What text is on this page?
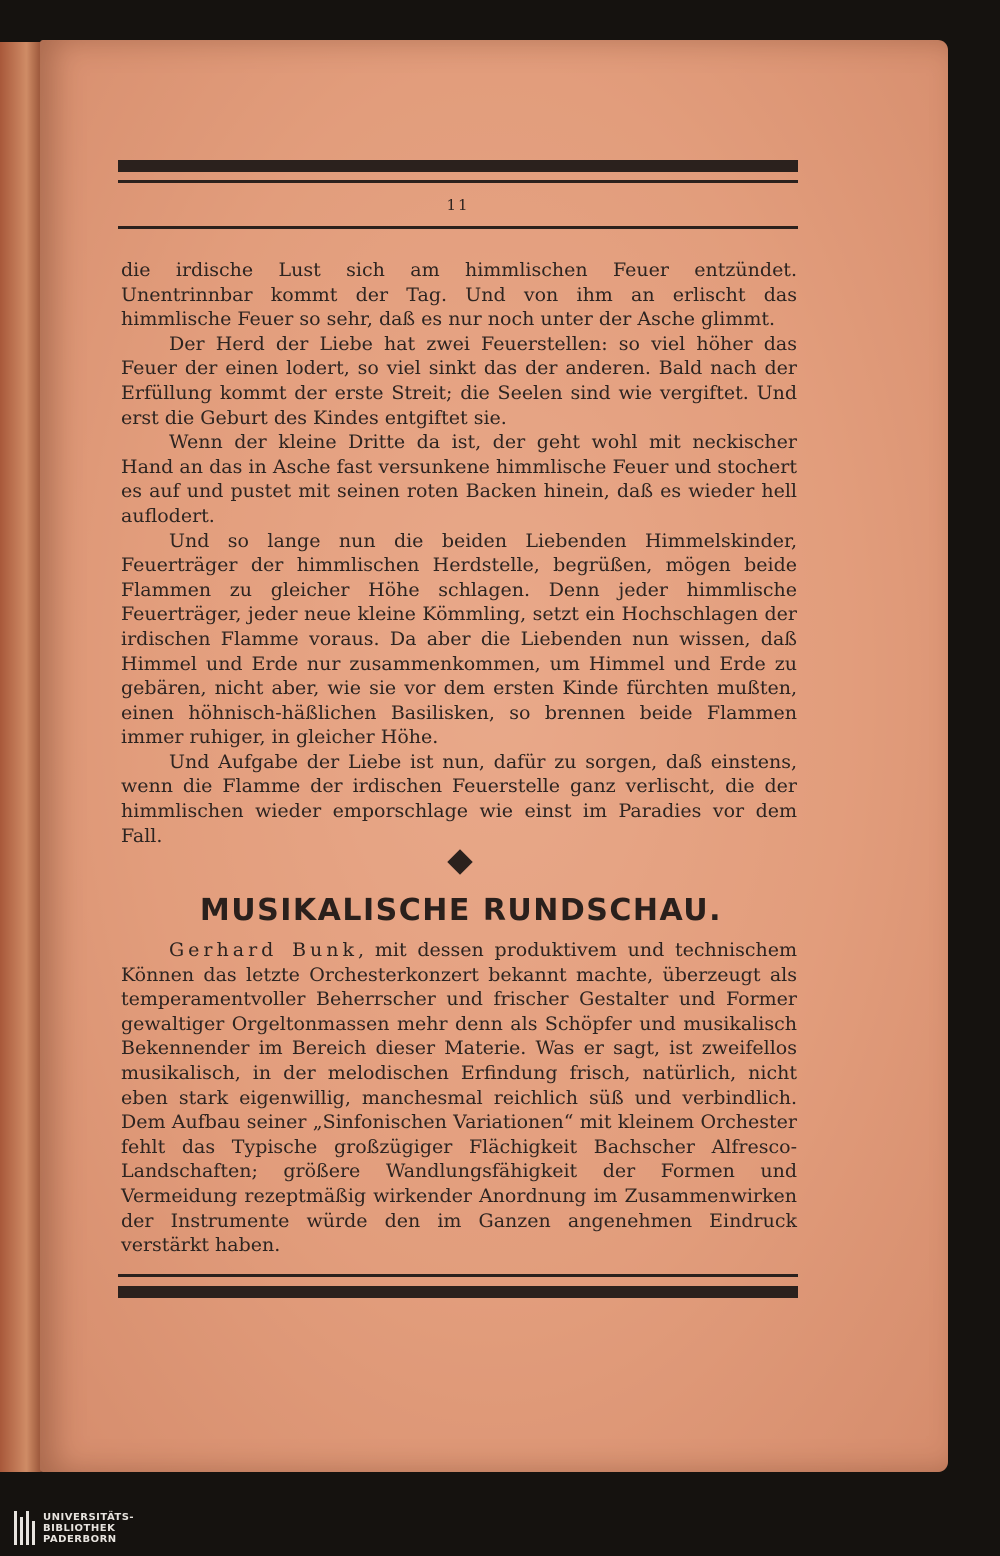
11

die irdische Lust sich am himmlischen Feuer entzündet. Unentrinnbar kommt der Tag. Und von ihm an erlischt das himmlische Feuer so sehr, daß es nur noch unter der Asche glimmt.

Der Herd der Liebe hat zwei Feuerstellen: so viel höher das Feuer der einen lodert, so viel sinkt das der anderen. Bald nach der Erfüllung kommt der erste Streit; die Seelen sind wie vergiftet. Und erst die Geburt des Kindes entgiftet sie.

Wenn der kleine Dritte da ist, der geht wohl mit neckischer Hand an das in Asche fast versunkene himmlische Feuer und stochert es auf und pustet mit seinen roten Backen hinein, daß es wieder hell auflodert.

Und so lange nun die beiden Liebenden Himmelskinder, Feuerträger der himmlischen Herdstelle, begrüßen, mögen beide Flammen zu gleicher Höhe schlagen. Denn jeder himmlische Feuerträger, jeder neue kleine Kömmling, setzt ein Hochschlagen der irdischen Flamme voraus. Da aber die Liebenden nun wissen, daß Himmel und Erde nur zusammenkommen, um Himmel und Erde zu gebären, nicht aber, wie sie vor dem ersten Kinde fürchten mußten, einen höhnisch-häßlichen Basilisken, so brennen beide Flammen immer ruhiger, in gleicher Höhe.

Und Aufgabe der Liebe ist nun, dafür zu sorgen, daß einstens, wenn die Flamme der irdischen Feuerstelle ganz verlischt, die der himmlischen wieder emporschlage wie einst im Paradies vor dem Fall.

MUSIKALISCHE RUNDSCHAU.

Gerhard Bunk, mit dessen produktivem und technischem Können das letzte Orchesterkonzert bekannt machte, überzeugt als temperamentvoller Beherrscher und frischer Gestalter und Former gewaltiger Orgeltonmassen mehr denn als Schöpfer und musikalisch Bekennender im Bereich dieser Materie. Was er sagt, ist zweifellos musikalisch, in der melodischen Erfindung frisch, natürlich, nicht eben stark eigenwillig, manchesmal reichlich süß und verbindlich. Dem Aufbau seiner „Sinfonischen Variationen“ mit kleinem Orchester fehlt das Typische großzügiger Flächigkeit Bachscher Alfresco-Landschaften; größere Wandlungsfähigkeit der Formen und Vermeidung rezeptmäßig wirkender Anordnung im Zusammenwirken der Instrumente würde den im Ganzen angenehmen Eindruck verstärkt haben.

UNIVERSITÄTS-
BIBLIOTHEK
PADERBORN
